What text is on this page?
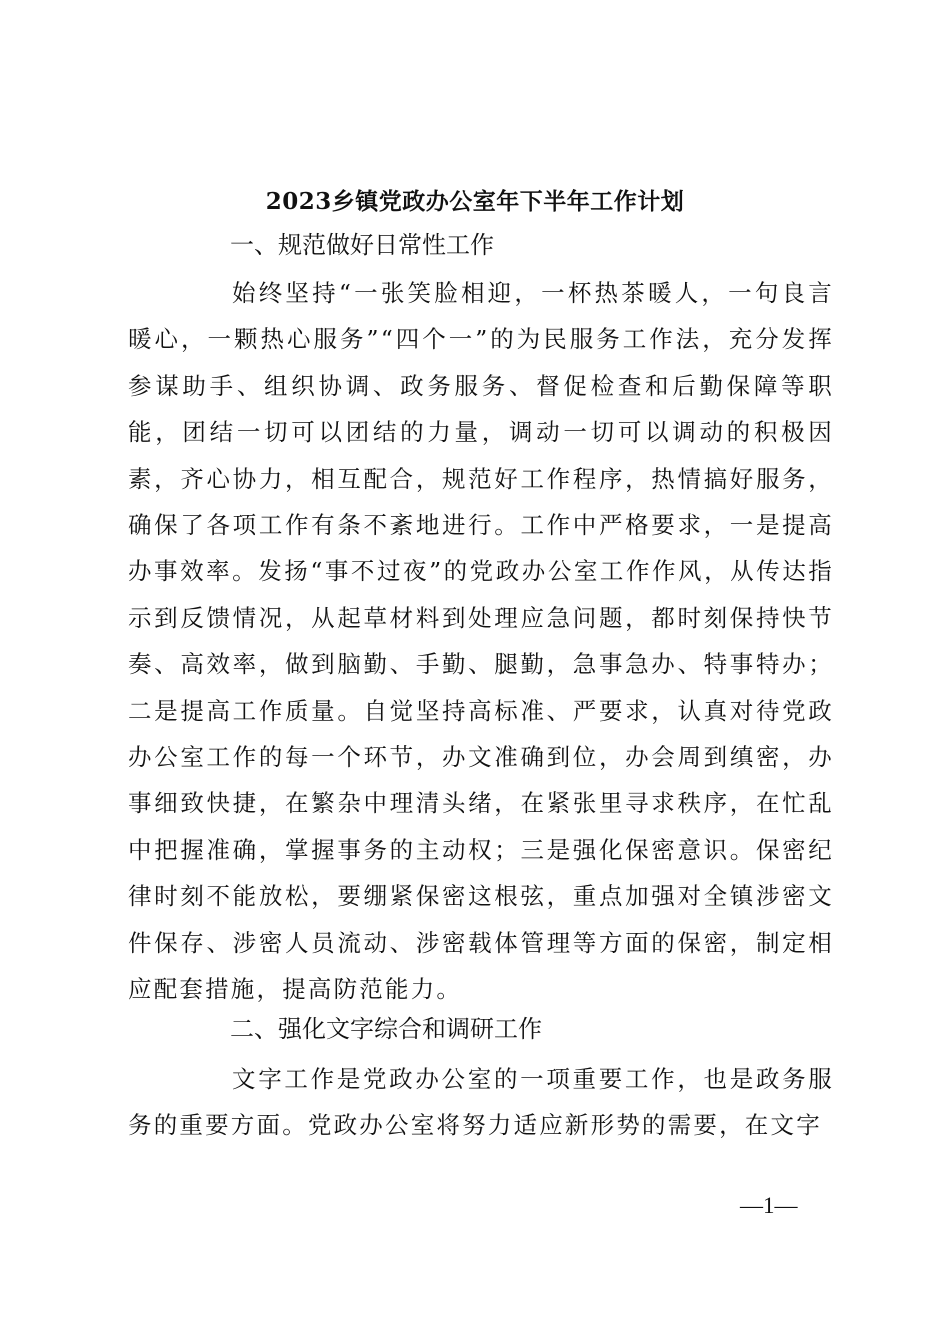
2023乡镇党政办公室年下半年工作计划
一、规范做好日常性工作

始终坚持“一张笑脸相迎，一杯热茶暖人，一句良言暖心，一颗热心服务”“四个一”的为民服务工作法，充分发挥参谋助手、组织协调、政务服务、督促检查和后勤保障等职能，团结一切可以团结的力量，调动一切可以调动的积极因素，齐心协力，相互配合，规范好工作程序，热情搞好服务，确保了各项工作有条不紊地进行。工作中严格要求，一是提高办事效率。发扬“事不过夜”的党政办公室工作作风，从传达指示到反馈情况，从起草材料到处理应急问题，都时刻保持快节奏、高效率，做到脑勤、手勤、腿勤，急事急办、特事特办；二是提高工作质量。自觉坚持高标准、严要求，认真对待党政办公室工作的每一个环节，办文准确到位，办会周到缜密，办事细致快捷，在繁杂中理清头绪，在紧张里寻求秩序，在忙乱中把握准确，掌握事务的主动权；三是强化保密意识。保密纪律时刻不能放松，要绷紧保密这根弦，重点加强对全镇涉密文件保存、涉密人员流动、涉密载体管理等方面的保密，制定相应配套措施，提高防范能力。

二、强化文字综合和调研工作

文字工作是党政办公室的一项重要工作，也是政务服务的重要方面。党政办公室将努力适应新形势的需要，在文字

—1—
